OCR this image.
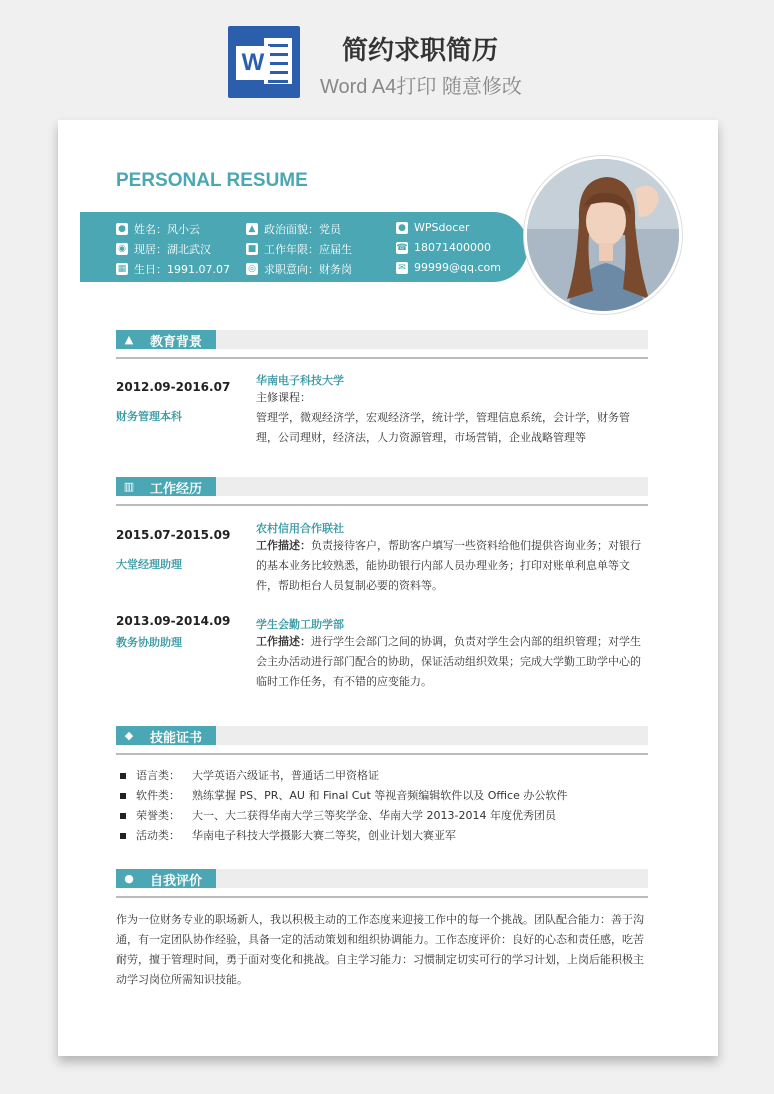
W	简约求职简历
Word A4打印 随意修改
PERSONAL RESUME
● 姓名：风小云
◉ 现居：湖北武汉
▦ 生日：1991.07.07
▲ 政治面貌：党员
■ 工作年限：应届生
◎ 求职意向：财务岗
● WPSdocer
☎ 18071400000
✉ 99999@qq.com
▲ 教育背景
2012.09-2016.07
财务管理本科
华南电子科技大学
主修课程：
管理学，微观经济学，宏观经济学，统计学，管理信息系统，会计学，财务管理，公司理财，经济法，人力资源管理，市场营销，企业战略管理等
▥ 工作经历
2015.07-2015.09
大堂经理助理
农村信用合作联社
工作描述：负责接待客户，帮助客户填写一些资料给他们提供咨询业务；对银行的基本业务比较熟悉，能协助银行内部人员办理业务；打印对账单利息单等文件，帮助柜台人员复制必要的资料等。
2013.09-2014.09
教务协助助理
学生会勤工助学部
工作描述：进行学生会部门之间的协调，负责对学生会内部的组织管理；对学生会主办活动进行部门配合的协助，保证活动组织效果；完成大学勤工助学中心的临时工作任务，有不错的应变能力。
◆ 技能证书
语言类：	大学英语六级证书，普通话二甲资格证
软件类：	熟练掌握 PS、PR、AU 和 Final Cut 等视音频编辑软件以及 Office 办公软件
荣誉类：	大一、大二获得华南大学三等奖学金、华南大学 2013-2014 年度优秀团员
活动类：	华南电子科技大学摄影大赛二等奖，创业计划大赛亚军
● 自我评价
作为一位财务专业的职场新人，我以积极主动的工作态度来迎接工作中的每一个挑战。团队配合能力：善于沟通，有一定团队协作经验，具备一定的活动策划和组织协调能力。工作态度评价：良好的心态和责任感，吃苦耐劳，擅于管理时间，勇于面对变化和挑战。自主学习能力：习惯制定切实可行的学习计划，上岗后能积极主动学习岗位所需知识技能。
